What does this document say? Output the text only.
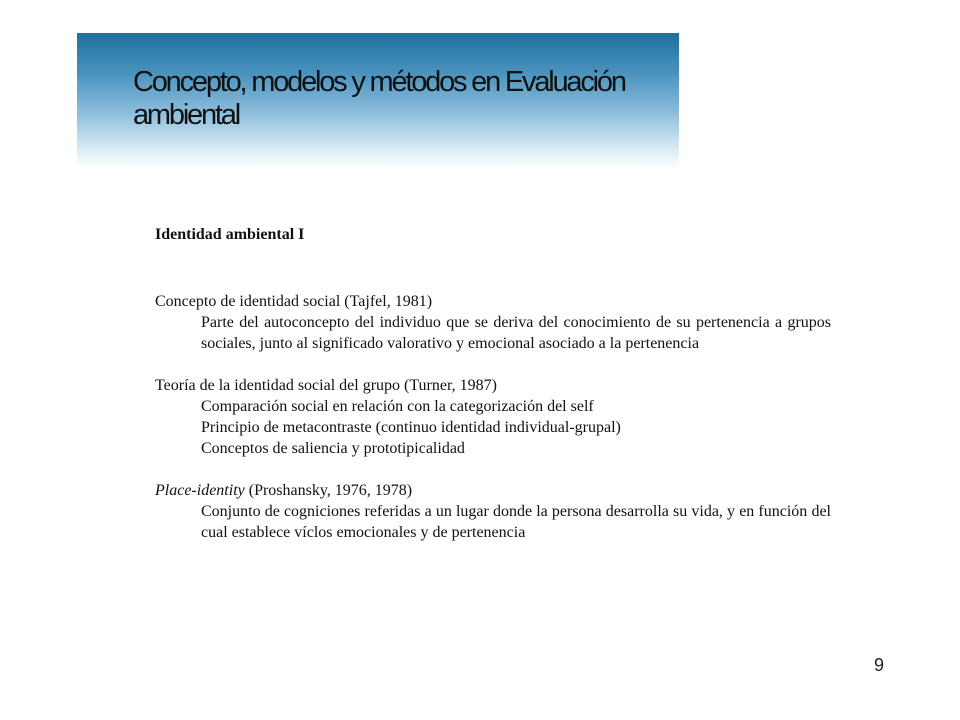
Concepto, modelos y métodos en Evaluación ambiental

Identidad ambiental I

Concepto de identidad social (Tajfel, 1981)

Parte del autoconcepto del individuo que se deriva del conocimiento de su pertenencia a grupos sociales, junto al significado valorativo y emocional asociado a la pertenencia

Teoría de la identidad social del grupo (Turner, 1987)

Comparación social en relación con la categorización del self

Principio de metacontraste (continuo identidad individual-grupal)

Conceptos de saliencia y prototipicalidad

Place-identity (Proshansky, 1976, 1978)

Conjunto de cogniciones referidas a un lugar donde la persona desarrolla su vida, y en función del cual establece víclos emocionales y de pertenencia

9
